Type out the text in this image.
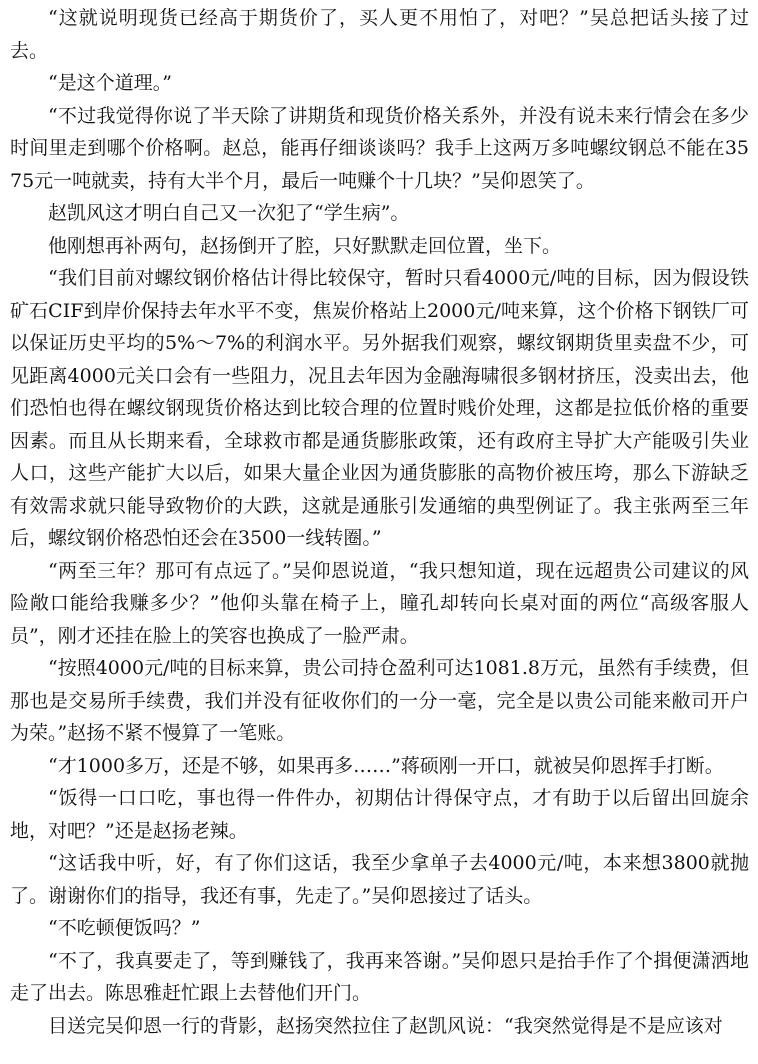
“这就说明现货已经高于期货价了，买人更不用怕了，对吧？”吴总把话头接了过去。

“是这个道理。”

“不过我觉得你说了半天除了讲期货和现货价格关系外，并没有说未来行情会在多少时间里走到哪个价格啊。赵总，能再仔细谈谈吗？我手上这两万多吨螺纹钢总不能在3575元一吨就卖，持有大半个月，最后一吨赚个十几块？”吴仰恩笑了。

赵凯风这才明白自己又一次犯了“学生病”。

他刚想再补两句，赵扬倒开了腔，只好默默走回位置，坐下。

“我们目前对螺纹钢价格估计得比较保守，暂时只看4000元/吨的目标，因为假设铁矿石CIF到岸价保持去年水平不变，焦炭价格站上2000元/吨来算，这个价格下钢铁厂可以保证历史平均的5%～7%的利润水平。另外据我们观察，螺纹钢期货里卖盘不少，可见距离4000元关口会有一些阻力，况且去年因为金融海啸很多钢材挤压，没卖出去，他们恐怕也得在螺纹钢现货价格达到比较合理的位置时贱价处理，这都是拉低价格的重要因素。而且从长期来看，全球救市都是通货膨胀政策，还有政府主导扩大产能吸引失业人口，这些产能扩大以后，如果大量企业因为通货膨胀的高物价被压垮，那么下游缺乏有效需求就只能导致物价的大跌，这就是通胀引发通缩的典型例证了。我主张两至三年后，螺纹钢价格恐怕还会在3500一线转圈。”

“两至三年？那可有点远了。”吴仰恩说道，“我只想知道，现在远超贵公司建议的风险敞口能给我赚多少？”他仰头靠在椅子上，瞳孔却转向长桌对面的两位“高级客服人员”，刚才还挂在脸上的笑容也换成了一脸严肃。

“按照4000元/吨的目标来算，贵公司持仓盈利可达1081.8万元，虽然有手续费，但那也是交易所手续费，我们并没有征收你们的一分一毫，完全是以贵公司能来敝司开户为荣。”赵扬不紧不慢算了一笔账。

“才1000多万，还是不够，如果再多……”蒋硕刚一开口，就被吴仰恩挥手打断。

“饭得一口口吃，事也得一件件办，初期估计得保守点，才有助于以后留出回旋余地，对吧？”还是赵扬老辣。

“这话我中听，好，有了你们这话，我至少拿单子去4000元/吨，本来想3800就抛了。谢谢你们的指导，我还有事，先走了。”吴仰恩接过了话头。

“不吃顿便饭吗？”

“不了，我真要走了，等到赚钱了，我再来答谢。”吴仰恩只是抬手作了个揖便潇洒地走了出去。陈思雅赶忙跟上去替他们开门。

目送完吴仰恩一行的背影，赵扬突然拉住了赵凯风说：“我突然觉得是不是应该对
